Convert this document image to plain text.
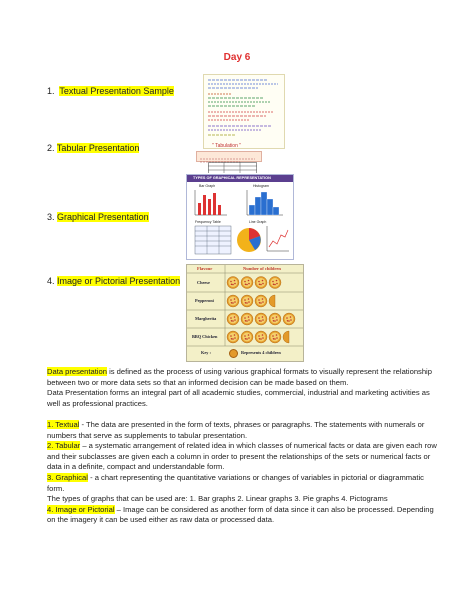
Day 6
1. Textual Presentation Sample
2. Tabular Presentation
3. Graphical Presentation
4. Image or Pictorial Presentation
" Tabulation "
TYPES OF GRAPHICAL REPRESENTATION
Bar Graph	Histogram
Frequency Table	Line Graph
Flavour	Number of children
Cheese
Pepperoni
Margherita
BBQ Chicken
Key :	Represents 4 children

Data presentation is defined as the process of using various graphical formats to visually represent the relationship between two or more data sets so that an informed decision can be made based on them.

Data Presentation forms an integral part of all academic studies, commercial, industrial and marketing activities as well as professional practices.

1. Textual - The data are presented in the form of texts, phrases or paragraphs. The statements with numerals or numbers that serve as supplements to tabular presentation.

2. Tabular – a systematic arrangement of related idea in which classes of numerical facts or data are given each row and their subclasses are given each a column in order to present the relationships of the sets or numerical facts or data in a definite, compact and understandable form.

3. Graphical - a chart representing the quantitative variations or changes of variables in pictorial or diagrammatic form.

The types of graphs that can be used are: 1. Bar graphs 2. Linear graphs 3. Pie graphs 4. Pictograms

4. Image or Pictorial – Image can be considered as another form of data since it can also be processed. Depending on the imagery it can be used either as raw data or processed data.
